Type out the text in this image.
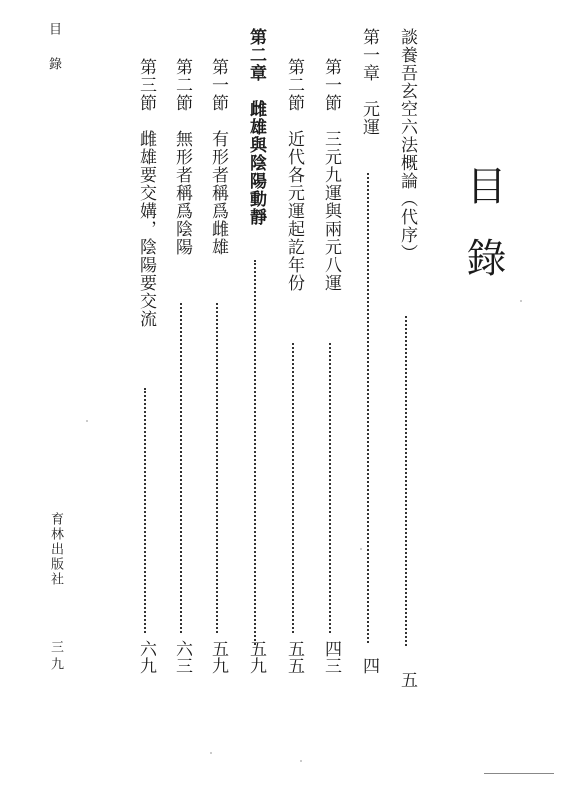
目錄
目
錄
談養吾玄空六法概論（代序）
五
第一章　元運
四
第一節　三元九運與兩元八運
四三
第二節　近代各元運起訖年份
五五
第二章　雌雄與陰陽動靜
五九
第一節　有形者稱爲雌雄
五九
第二節　無形者稱爲陰陽
六三
第三節　雌雄要交媾，陰陽要交流
六九
育林出版社
三九
